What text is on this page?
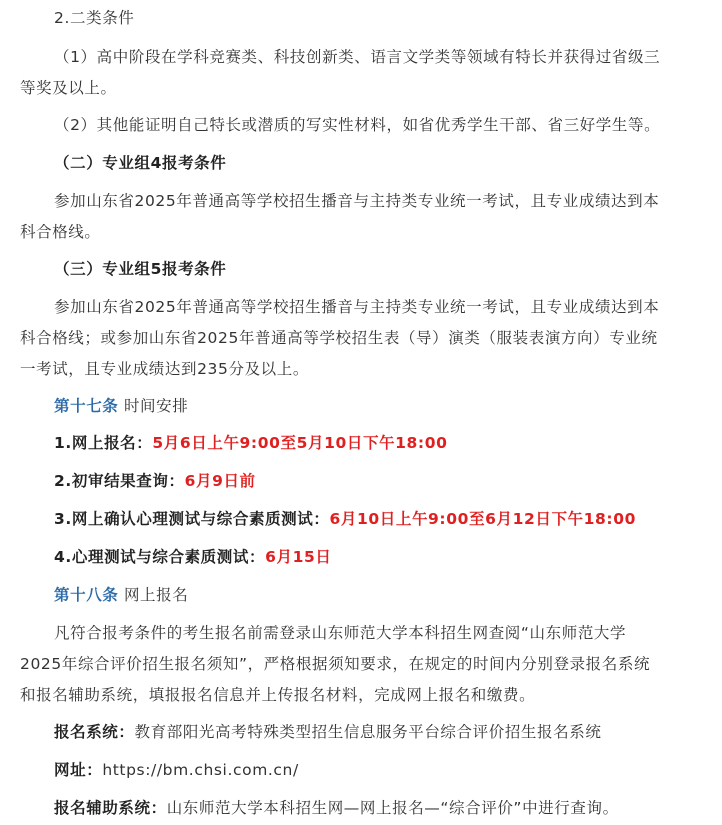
2.二类条件
（1）高中阶段在学科竞赛类、科技创新类、语言文学类等领域有特长并获得过省级三
等奖及以上。
（2）其他能证明自己特长或潜质的写实性材料，如省优秀学生干部、省三好学生等。
（二）专业组4报考条件
参加山东省2025年普通高等学校招生播音与主持类专业统一考试，且专业成绩达到本
科合格线。
（三）专业组5报考条件
参加山东省2025年普通高等学校招生播音与主持类专业统一考试，且专业成绩达到本
科合格线；或参加山东省2025年普通高等学校招生表（导）演类（服装表演方向）专业统
一考试，且专业成绩达到235分及以上。
第十七条 时间安排
1.网上报名：5月6日上午9:00至5月10日下午18:00
2.初审结果查询：6月9日前
3.网上确认心理测试与综合素质测试：6月10日上午9:00至6月12日下午18:00
4.心理测试与综合素质测试：6月15日
第十八条 网上报名
凡符合报考条件的考生报名前需登录山东师范大学本科招生网查阅“山东师范大学
2025年综合评价招生报名须知”，严格根据须知要求，在规定的时间内分别登录报名系统
和报名辅助系统，填报报名信息并上传报名材料，完成网上报名和缴费。
报名系统：教育部阳光高考特殊类型招生信息服务平台综合评价招生报名系统
网址：https://bm.chsi.com.cn/
报名辅助系统：山东师范大学本科招生网—网上报名—“综合评价”中进行查询。
